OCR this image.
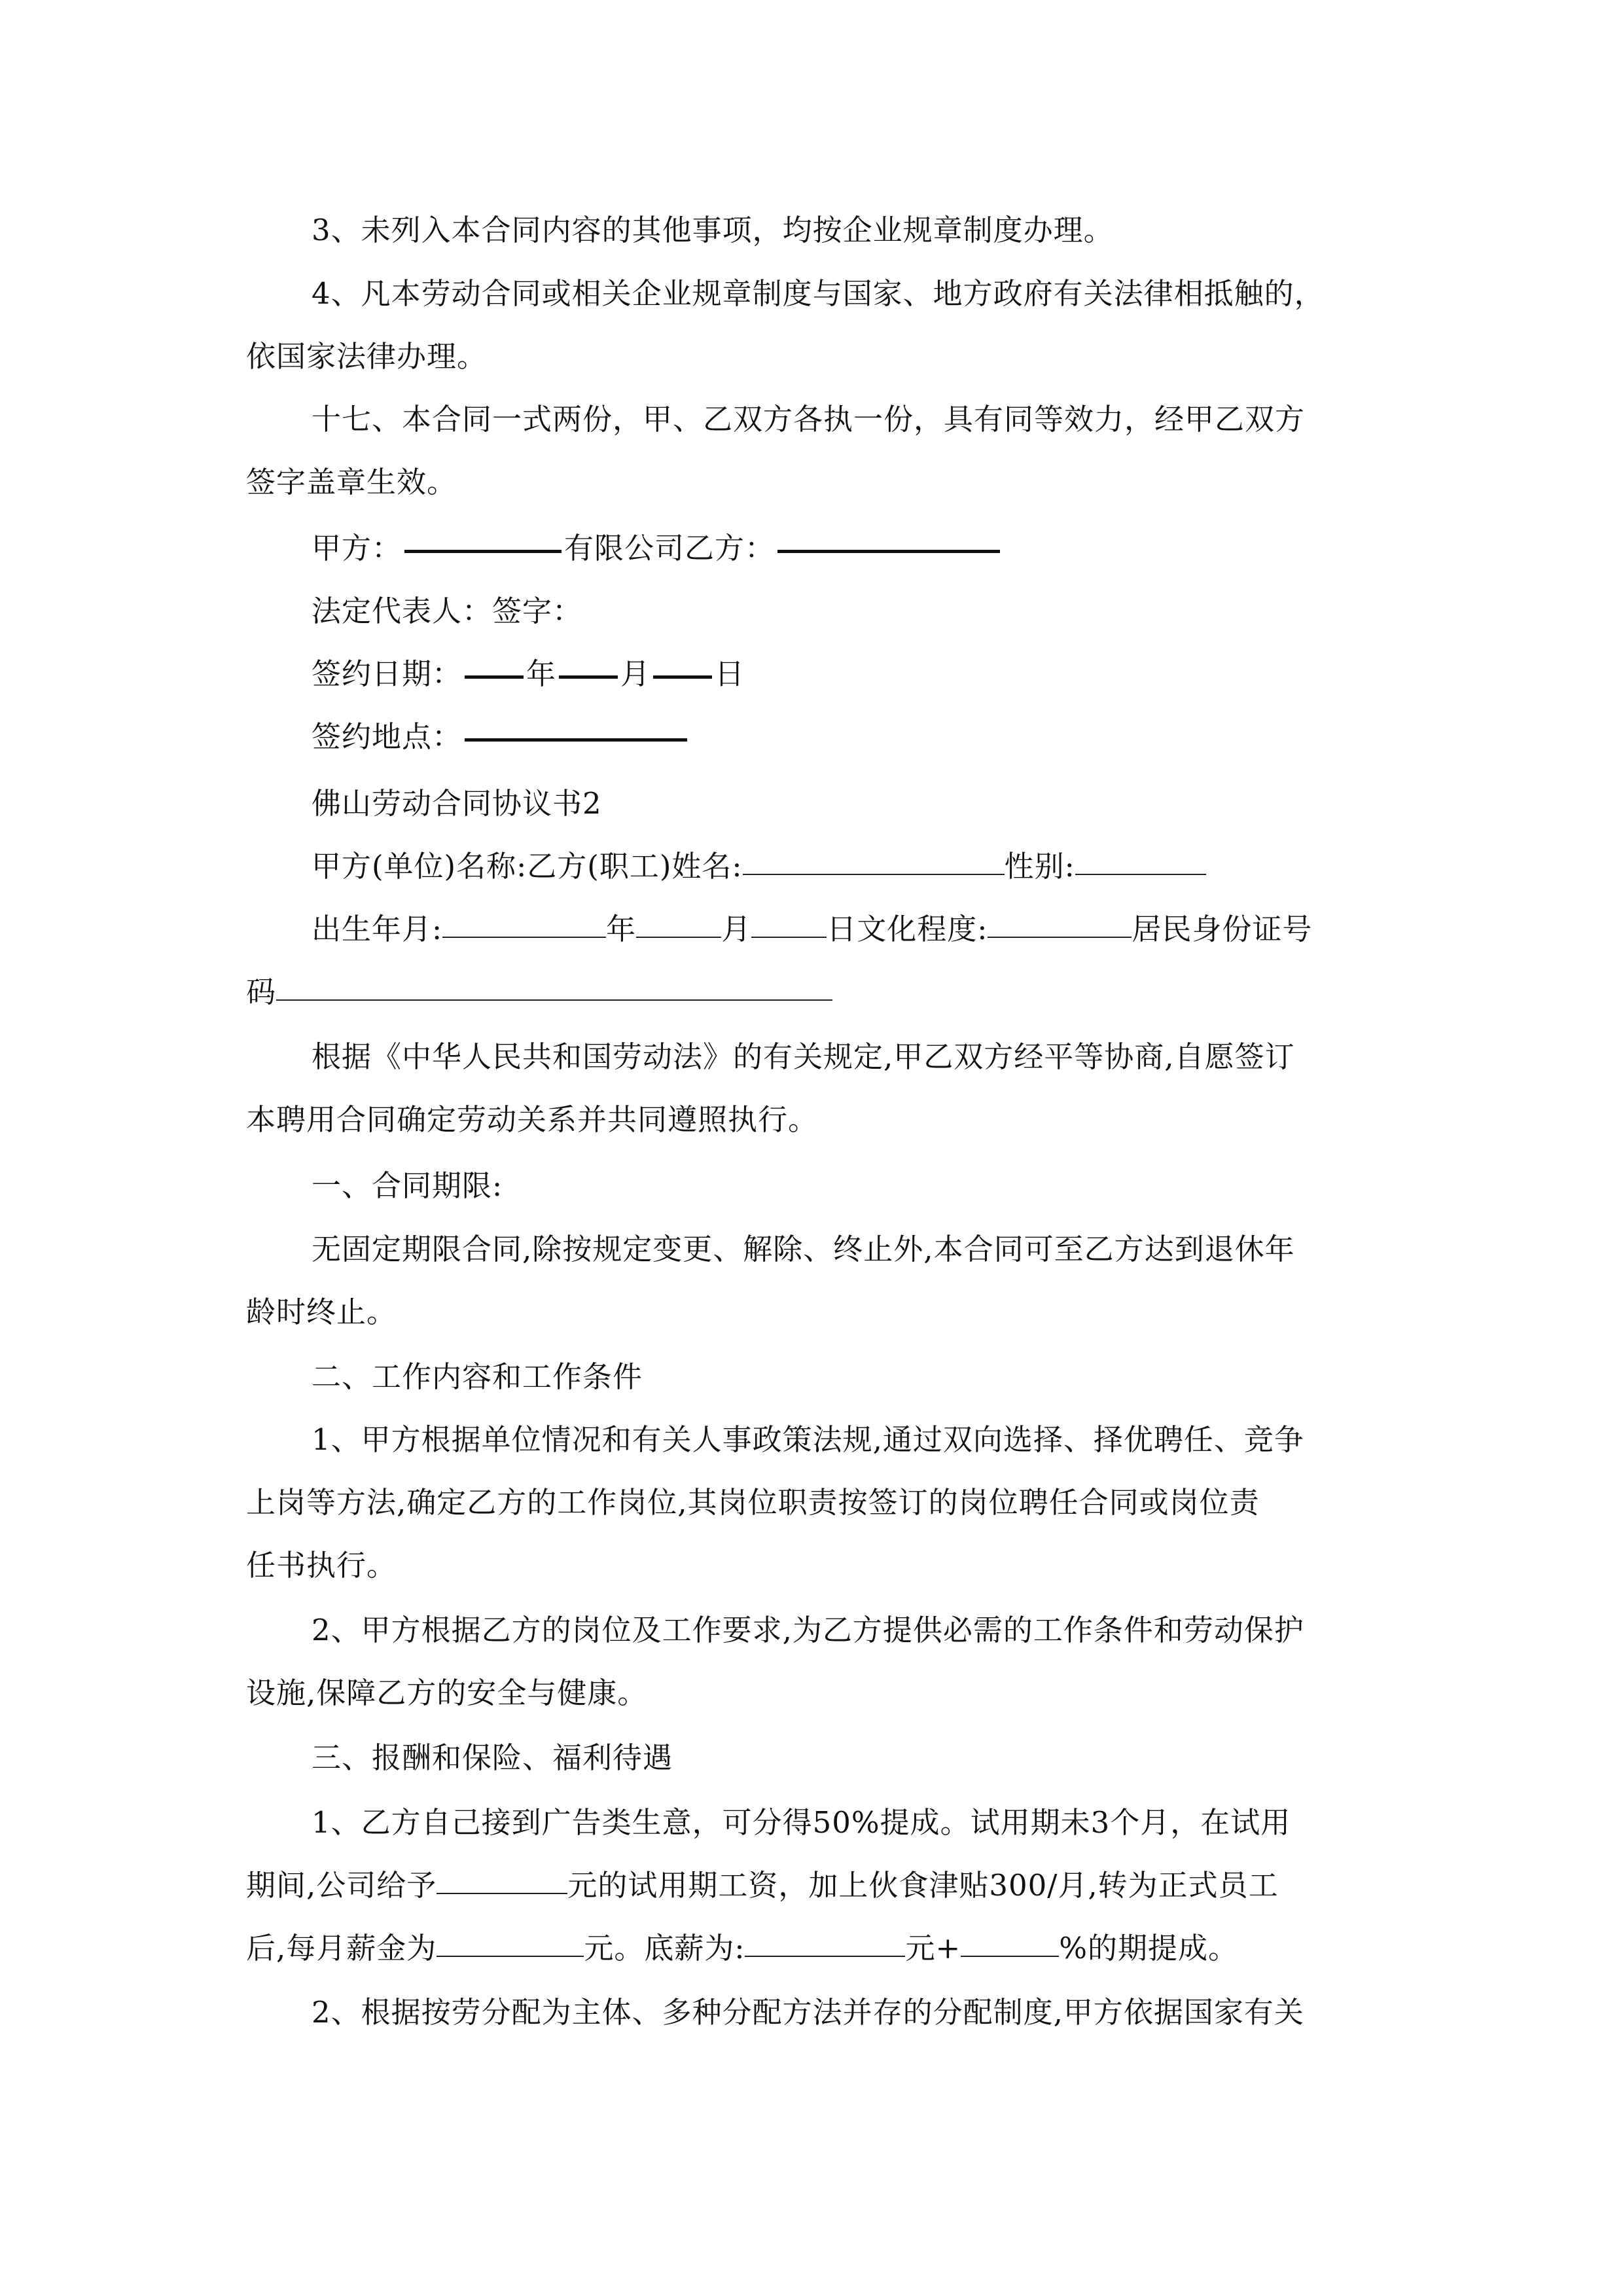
3、未列入本合同内容的其他事项，均按企业规章制度办理。
4、凡本劳动合同或相关企业规章制度与国家、地方政府有关法律相抵触的，
依国家法律办理。
十七、本合同一式两份，甲、乙双方各执一份，具有同等效力，经甲乙双方
签字盖章生效。
甲方：	有限公司乙方：
法定代表人：签字：
签约日期： 年 月 日
签约地点：
佛山劳动合同协议书2
甲方(单位)名称:乙方(职工)姓名:	性别:
出生年月:	年	月	日文化程度:	居民身份证号
码
根据《中华人民共和国劳动法》的有关规定,甲乙双方经平等协商,自愿签订
本聘用合同确定劳动关系并共同遵照执行。
一、合同期限:
无固定期限合同,除按规定变更、解除、终止外,本合同可至乙方达到退休年
龄时终止。
二、工作内容和工作条件
1、甲方根据单位情况和有关人事政策法规,通过双向选择、择优聘任、竞争
上岗等方法,确定乙方的工作岗位,其岗位职责按签订的岗位聘任合同或岗位责
任书执行。
2、甲方根据乙方的岗位及工作要求,为乙方提供必需的工作条件和劳动保护
设施,保障乙方的安全与健康。
三、报酬和保险、福利待遇
1、乙方自己接到广告类生意，可分得50%提成。试用期未3个月，在试用
期间,公司给予	元的试用期工资，加上伙食津贴300/月,转为正式员工
后,每月薪金为	元。底薪为:	元+	%的期提成。
2、根据按劳分配为主体、多种分配方法并存的分配制度,甲方依据国家有关
